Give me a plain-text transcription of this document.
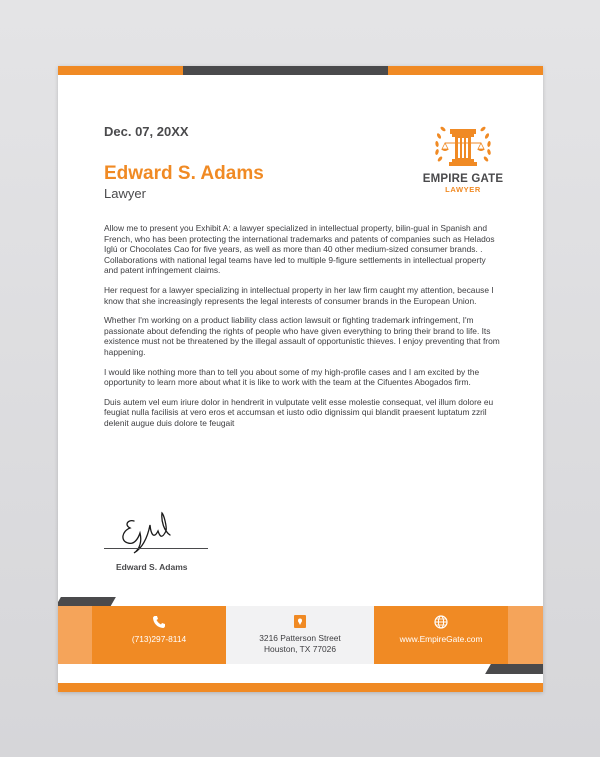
Dec. 07, 20XX
Edward S. Adams
Lawyer
EMPIRE GATE
LAWYER

Allow me to present you Exhibit A: a lawyer specialized in intellectual property, bilin-gual in Spanish and French, who has been protecting the international trademarks and patents of companies such as Helados Iglú or Chocolates Cao for five years, as well as more than 40 other medium-sized consumer brands. . Collaborations with national legal teams have led to multiple 9-figure settlements in intellectual property and patent infringement claims.

Her request for a lawyer specializing in intellectual property in her law firm caught my attention, because I know that she increasingly represents the legal interests of consumer brands in the European Union.

Whether I'm working on a product liability class action lawsuit or fighting trademark infringement, I'm passionate about defending the rights of people who have given everything to bring their brand to life. Its existence must not be threatened by the illegal assault of opportunistic thieves. I enjoy preventing that from happening.

I would like nothing more than to tell you about some of my high-profile cases and I am excited by the opportunity to learn more about what it is like to work with the team at the Cifuentes Abogados firm.

Duis autem vel eum iriure dolor in hendrerit in vulputate velit esse molestie consequat, vel illum dolore eu feugiat nulla facilisis at vero eros et accumsan et iusto odio dignissim qui blandit praesent luptatum zzril delenit augue duis dolore te feugait

Edward S. Adams
(713)297-8114	3216 Patterson Street
Houston, TX 77026
www.EmpireGate.com
